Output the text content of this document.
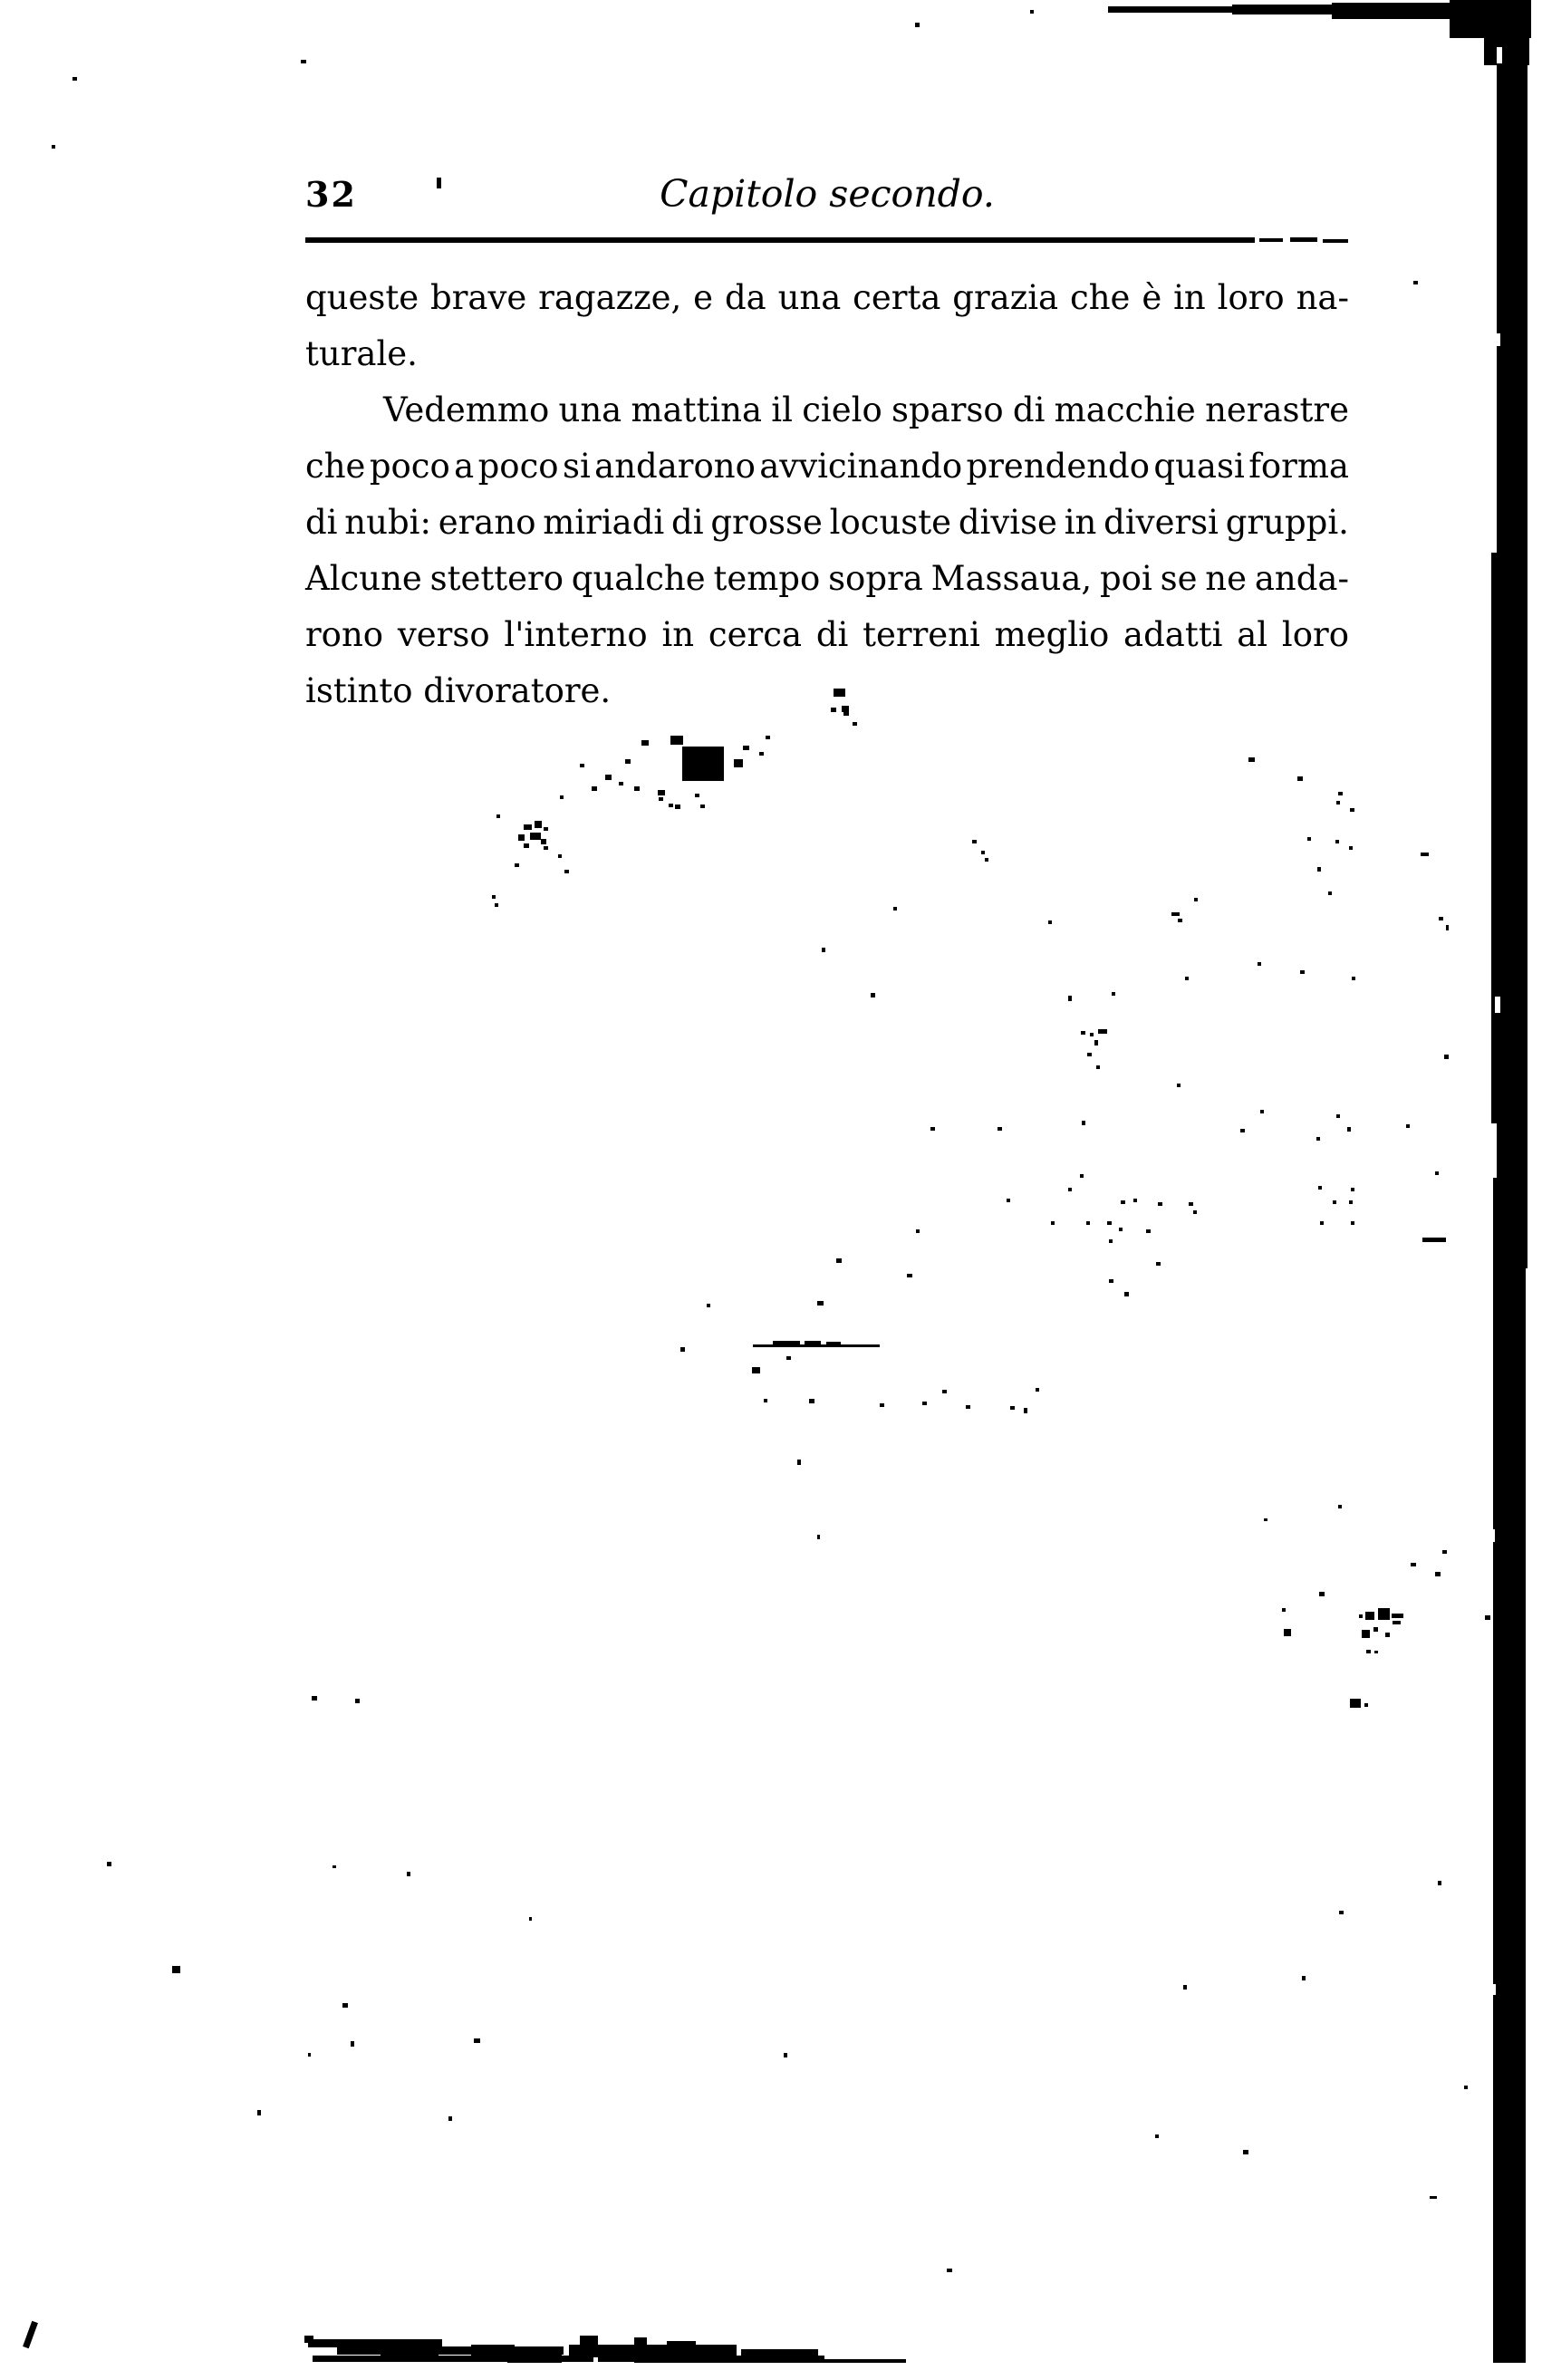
32	Capitolo secondo.
queste brave ragazze, e da una certa grazia che è in loro na-
turale.
Vedemmo una mattina il cielo sparso di macchie nerastre
che poco a poco si andarono avvicinando prendendo quasi forma
di nubi: erano miriadi di grosse locuste divise in diversi gruppi.
Alcune stettero qualche tempo sopra Massaua, poi se ne anda-
rono verso l'interno in cerca di terreni meglio adatti al loro
istinto divoratore.
